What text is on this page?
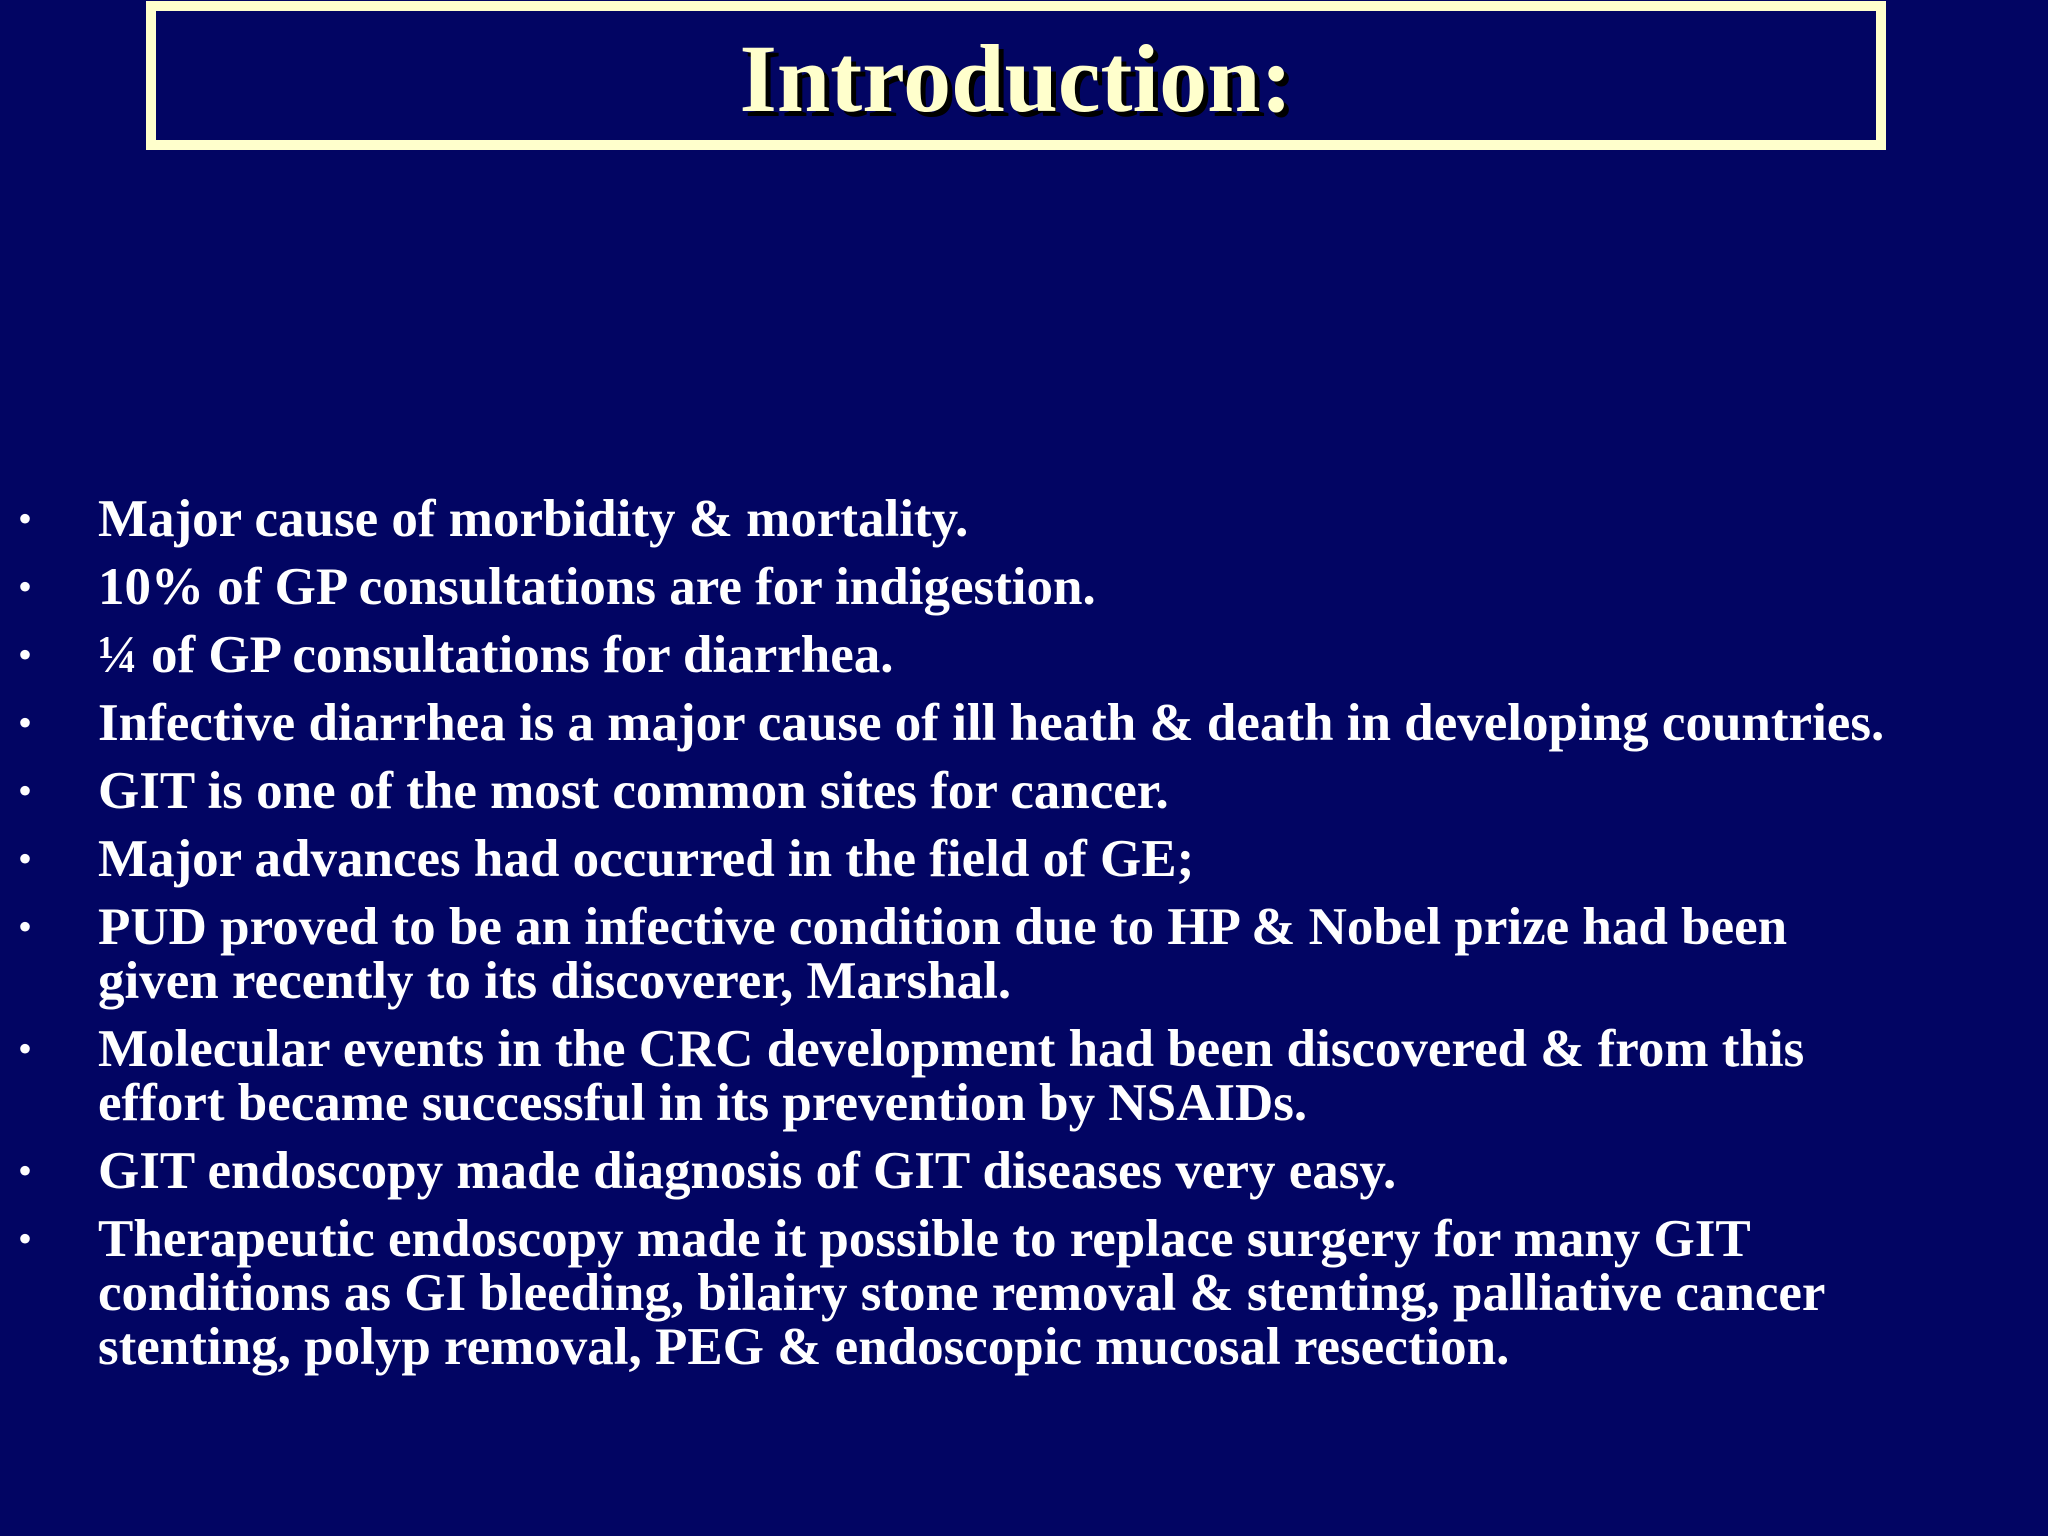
Introduction:
•	Major cause of morbidity & mortality.
•	10% of GP consultations are for indigestion.
•	¼ of GP consultations for diarrhea.
•	Infective diarrhea is a major cause of ill heath & death in developing countries.
•	GIT is one of the most common sites for cancer.
•	Major advances had occurred in the field of GE;
•	PUD proved to be an infective condition due to HP & Nobel prize had been
given recently to its discoverer, Marshal.
•	Molecular events in the CRC development had been discovered & from this
effort became successful in its prevention by NSAIDs.
•	GIT endoscopy made diagnosis of GIT diseases very easy.
•	Therapeutic endoscopy made it possible to replace surgery for many GIT
conditions as GI bleeding, bilairy stone removal & stenting, palliative cancer
stenting, polyp removal, PEG & endoscopic mucosal resection.
